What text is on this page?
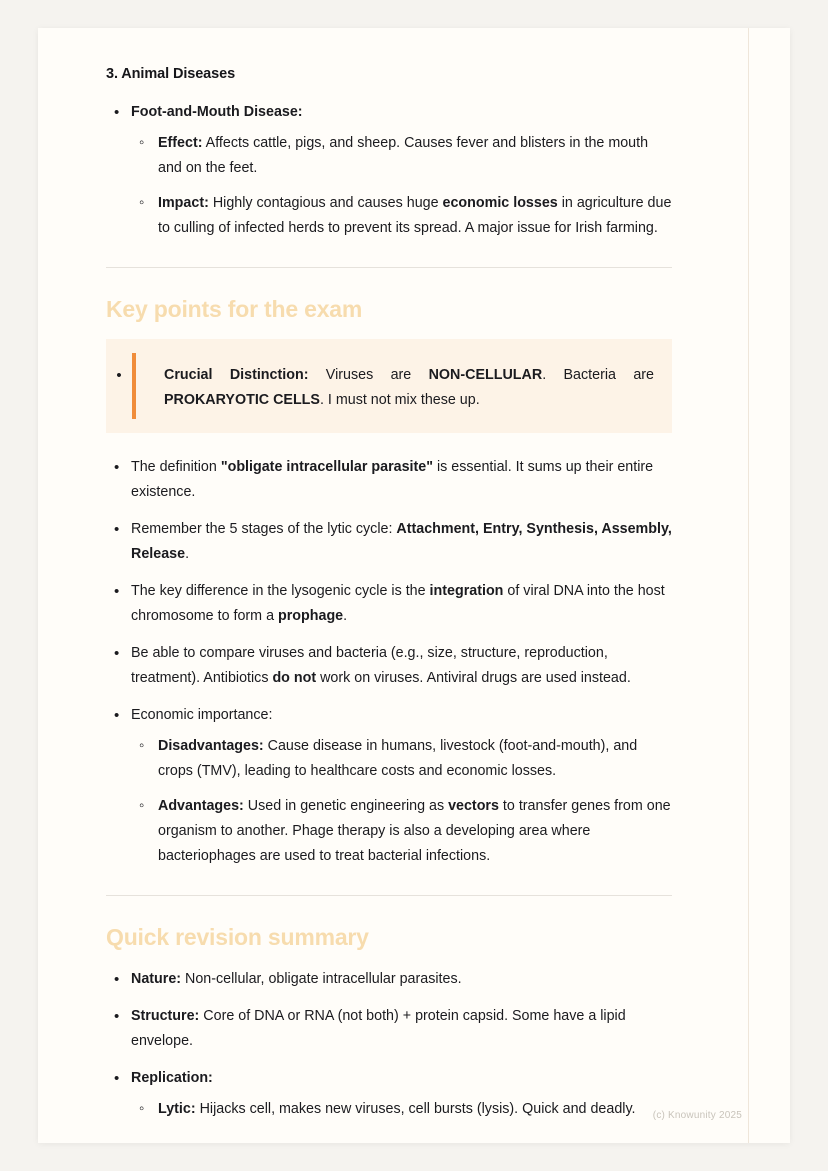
3. Animal Diseases
• Foot-and-Mouth Disease:
◦ Effect: Affects cattle, pigs, and sheep. Causes fever and blisters in the mouth and on the feet.
◦ Impact: Highly contagious and causes huge economic losses in agriculture due to culling of infected herds to prevent its spread. A major issue for Irish farming.
Key points for the exam
•	Crucial Distinction: Viruses are NON-CELLULAR. Bacteria are PROKARYOTIC CELLS. I must not mix these up.
• The definition "obligate intracellular parasite" is essential. It sums up their entire existence.
• Remember the 5 stages of the lytic cycle: Attachment, Entry, Synthesis, Assembly, Release.
• The key difference in the lysogenic cycle is the integration of viral DNA into the host chromosome to form a prophage.
• Be able to compare viruses and bacteria (e.g., size, structure, reproduction, treatment). Antibiotics do not work on viruses. Antiviral drugs are used instead.
• Economic importance:
◦ Disadvantages: Cause disease in humans, livestock (foot-and-mouth), and crops (TMV), leading to healthcare costs and economic losses.
◦ Advantages: Used in genetic engineering as vectors to transfer genes from one organism to another. Phage therapy is also a developing area where bacteriophages are used to treat bacterial infections.
Quick revision summary
• Nature: Non-cellular, obligate intracellular parasites.
• Structure: Core of DNA or RNA (not both) + protein capsid. Some have a lipid envelope.
• Replication:
◦ Lytic: Hijacks cell, makes new viruses, cell bursts (lysis). Quick and deadly.	(c) Knowunity 2025
